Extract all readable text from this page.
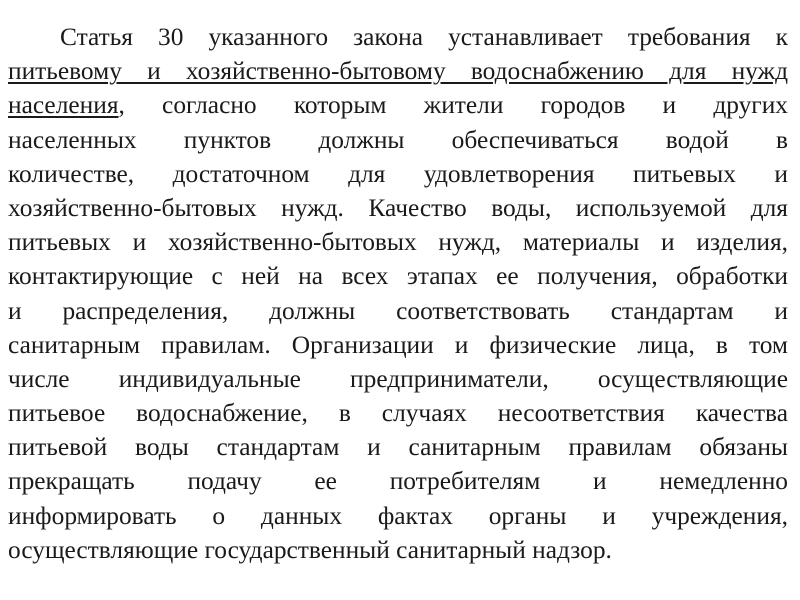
Статья 30 указанного закона устанавливает требования к
питьевому и хозяйственно-бытовому водоснабжению для нужд
населения, согласно которым жители городов и других
населенных пунктов должны обеспечиваться водой в
количестве, достаточном для удовлетворения питьевых и
хозяйственно-бытовых нужд. Качество воды, используемой для
питьевых и хозяйственно-бытовых нужд, материалы и изделия,
контактирующие с ней на всех этапах ее получения, обработки
и распределения, должны соответствовать стандартам и
санитарным правилам. Организации и физические лица, в том
числе индивидуальные предприниматели, осуществляющие
питьевое водоснабжение, в случаях несоответствия качества
питьевой воды стандартам и санитарным правилам обязаны
прекращать подачу ее потребителям и немедленно
информировать о данных фактах органы и учреждения,
осуществляющие государственный санитарный надзор.
